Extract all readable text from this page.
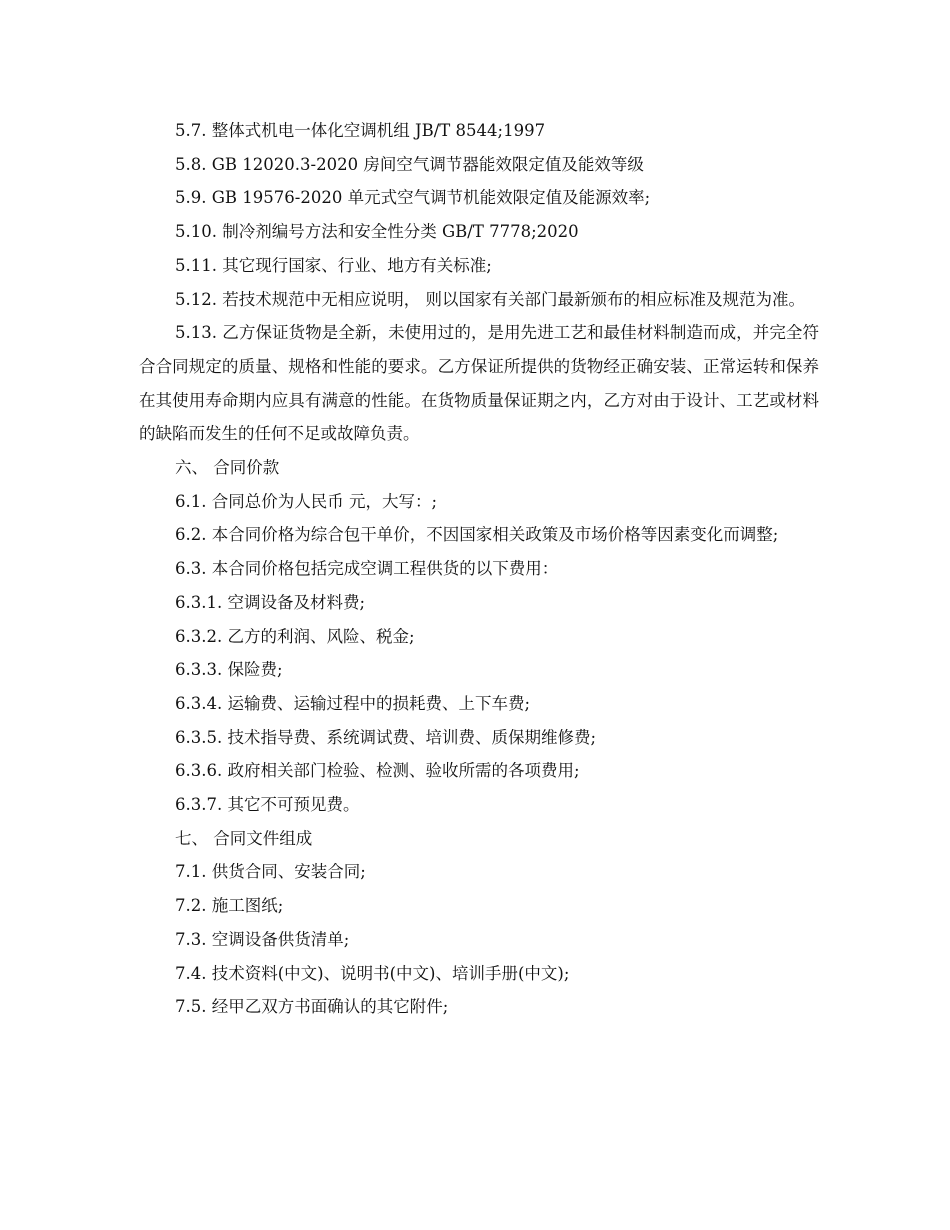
5.7. 整体式机电一体化空调机组 JB/T 8544;1997

5.8. GB 12020.3-2020 房间空气调节器能效限定值及能效等级

5.9. GB 19576-2020 单元式空气调节机能效限定值及能源效率;

5.10. 制冷剂编号方法和安全性分类 GB/T 7778;2020

5.11. 其它现行国家、行业、地方有关标准;

5.12. 若技术规范中无相应说明， 则以国家有关部门最新颁布的相应标准及规范为准。

5.13. 乙方保证货物是全新，未使用过的，是用先进工艺和最佳材料制造而成，并完全符合合同规定的质量、规格和性能的要求。乙方保证所提供的货物经正确安装、正常运转和保养在其使用寿命期内应具有满意的性能。在货物质量保证期之内，乙方对由于设计、工艺或材料的缺陷而发生的任何不足或故障负责。

六、 合同价款

6.1. 合同总价为人民币 元，大写：;

6.2. 本合同价格为综合包干单价，不因国家相关政策及市场价格等因素变化而调整;

6.3. 本合同价格包括完成空调工程供货的以下费用：

6.3.1. 空调设备及材料费;

6.3.2. 乙方的利润、风险、税金;

6.3.3. 保险费;

6.3.4. 运输费、运输过程中的损耗费、上下车费;

6.3.5. 技术指导费、系统调试费、培训费、质保期维修费;

6.3.6. 政府相关部门检验、检测、验收所需的各项费用;

6.3.7. 其它不可预见费。

七、 合同文件组成

7.1. 供货合同、安装合同;

7.2. 施工图纸;

7.3. 空调设备供货清单;

7.4. 技术资料(中文)、说明书(中文)、培训手册(中文);

7.5. 经甲乙双方书面确认的其它附件;
